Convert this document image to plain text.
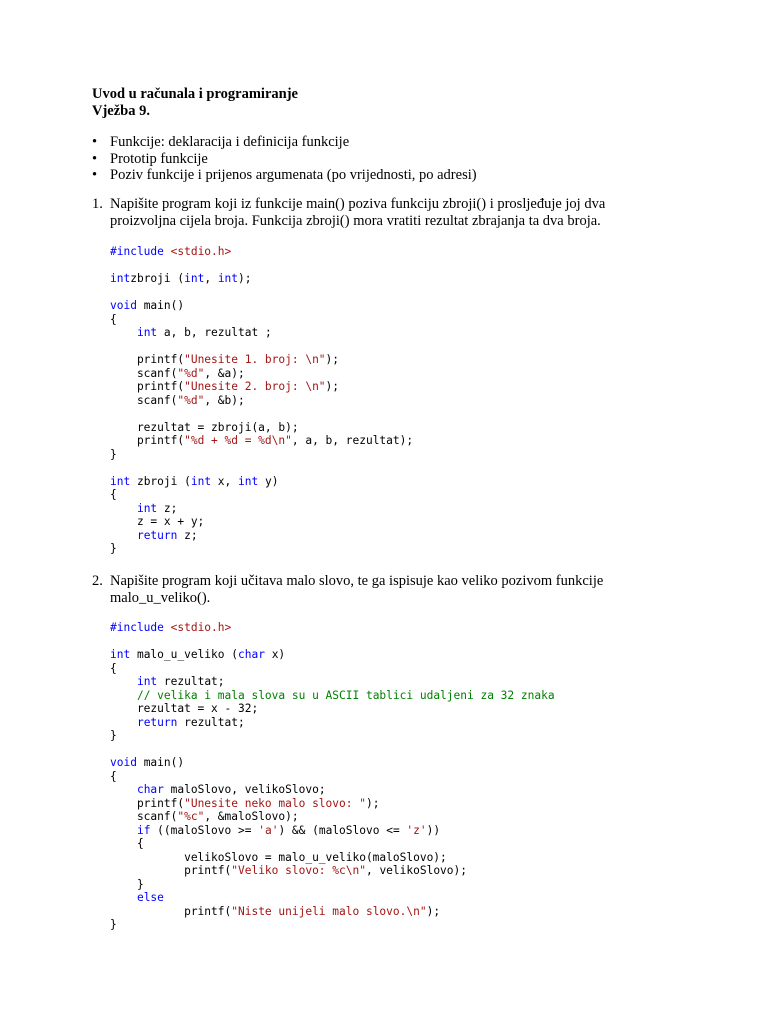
Uvod u računala i programiranje
Vježba 9.
• Funkcije: deklaracija i definicija funkcije
• Prototip funkcije
• Poziv funkcije i prijenos argumenata (po vrijednosti, po adresi)
1. Napišite program koji iz funkcije main() poziva funkciju zbroji() i prosljeđuje joj dva proizvoljna cijela broja. Funkcija zbroji() mora vratiti rezultat zbrajanja ta dva broja.
#include <stdio.h>

intzbroji (int, int);

void main()
{
int a, b, rezultat ;

printf("Unesite 1. broj: \n");
scanf("%d", &a);
printf("Unesite 2. broj: \n");
scanf("%d", &b);

rezultat = zbroji(a, b);
printf("%d + %d = %d\n", a, b, rezultat);
}

int zbroji (int x, int y)
{
int z;
z = x + y;
return z;
}
2. Napišite program koji učitava malo slovo, te ga ispisuje kao veliko pozivom funkcije malo_u_veliko().
#include <stdio.h>

int malo_u_veliko (char x)
{
int rezultat;
// velika i mala slova su u ASCII tablici udaljeni za 32 znaka
rezultat = x - 32;
return rezultat;
}

void main()
{
char maloSlovo, velikoSlovo;
printf("Unesite neko malo slovo: ");
scanf("%c", &maloSlovo);
if ((maloSlovo >= 'a') && (maloSlovo <= 'z'))
{
velikoSlovo = malo_u_veliko(maloSlovo);
printf("Veliko slovo: %c\n", velikoSlovo);
}
else
printf("Niste unijeli malo slovo.\n");
}
